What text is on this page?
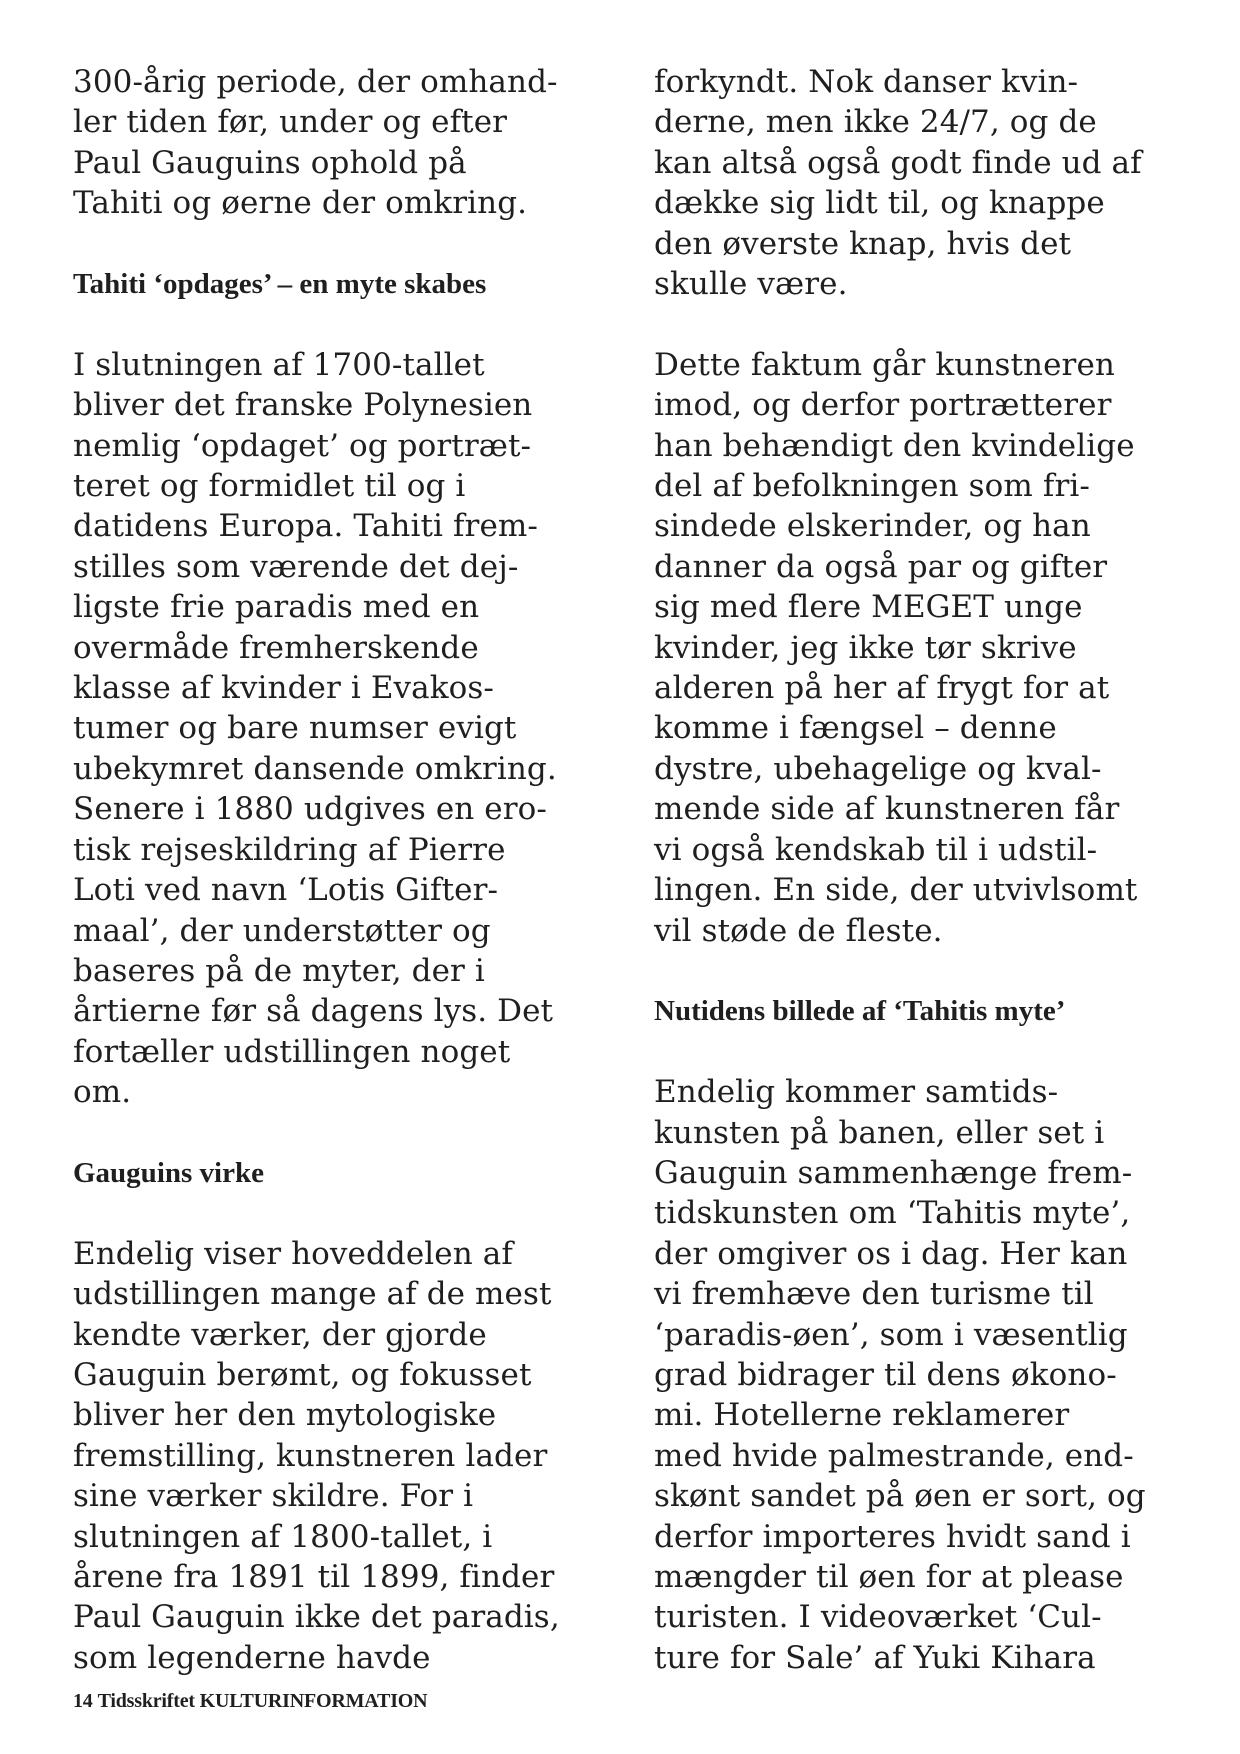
300-årig periode, der omhand-
ler tiden før, under og efter
Paul Gauguins ophold på
Tahiti og øerne der omkring.

Tahiti ‘opdages’ – en myte skabes

I slutningen af 1700-tallet
bliver det franske Polynesien
nemlig ‘opdaget’ og portræt-
teret og formidlet til og i
datidens Europa. Tahiti frem-
stilles som værende det dej-
ligste frie paradis med en
overmåde fremherskende
klasse af kvinder i Evakos-
tumer og bare numser evigt
ubekymret dansende omkring.
Senere i 1880 udgives en ero-
tisk rejseskildring af Pierre
Loti ved navn ‘Lotis Gifter-
maal’, der understøtter og
baseres på de myter, der i
årtierne før så dagens lys. Det
fortæller udstillingen noget
om.

Gauguins virke

Endelig viser hoveddelen af
udstillingen mange af de mest
kendte værker, der gjorde
Gauguin berømt, og fokusset
bliver her den mytologiske
fremstilling, kunstneren lader
sine værker skildre. For i
slutningen af 1800-tallet, i
årene fra 1891 til 1899, finder
Paul Gauguin ikke det paradis,
som legenderne havde

forkyndt. Nok danser kvin-
derne, men ikke 24/7, og de
kan altså også godt finde ud af
dække sig lidt til, og knappe
den øverste knap, hvis det
skulle være.

Dette faktum går kunstneren
imod, og derfor portrætterer
han behændigt den kvindelige
del af befolkningen som fri-
sindede elskerinder, og han
danner da også par og gifter
sig med flere MEGET unge
kvinder, jeg ikke tør skrive
alderen på her af frygt for at
komme i fængsel – denne
dystre, ubehagelige og kval-
mende side af kunstneren får
vi også kendskab til i udstil-
lingen. En side, der utvivlsomt
vil støde de fleste.

Nutidens billede af ‘Tahitis myte’

Endelig kommer samtids-
kunsten på banen, eller set i
Gauguin sammenhænge frem-
tidskunsten om ‘Tahitis myte’,
der omgiver os i dag. Her kan
vi fremhæve den turisme til
‘paradis-øen’, som i væsentlig
grad bidrager til dens økono-
mi. Hotellerne reklamerer
med hvide palmestrande, end-
skønt sandet på øen er sort, og
derfor importeres hvidt sand i
mængder til øen for at please
turisten. I videoværket ‘Cul-
ture for Sale’ af Yuki Kihara

14 Tidsskriftet KULTURINFORMATION
